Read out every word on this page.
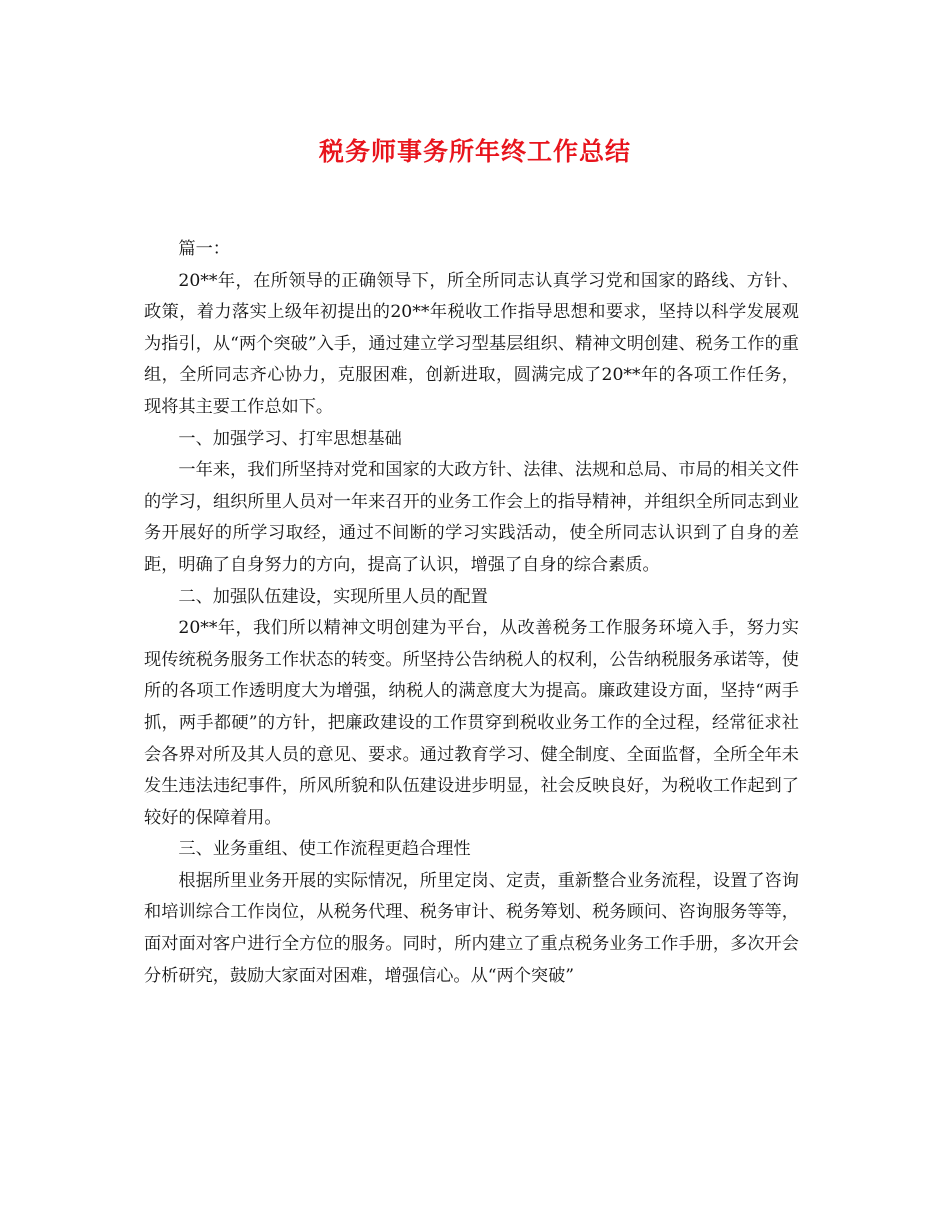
税务师事务所年终工作总结

篇一：

20**年，在所领导的正确领导下，所全所同志认真学习党和国家的路线、方针、政策，着力落实上级年初提出的20**年税收工作指导思想和要求，坚持以科学发展观为指引，从“两个突破”入手，通过建立学习型基层组织、精神文明创建、税务工作的重组，全所同志齐心协力，克服困难，创新进取，圆满完成了20**年的各项工作任务，现将其主要工作总如下。

一、加强学习、打牢思想基础

一年来，我们所坚持对党和国家的大政方针、法律、法规和总局、市局的相关文件的学习，组织所里人员对一年来召开的业务工作会上的指导精神，并组织全所同志到业务开展好的所学习取经，通过不间断的学习实践活动，使全所同志认识到了自身的差距，明确了自身努力的方向，提高了认识，增强了自身的综合素质。

二、加强队伍建设，实现所里人员的配置

20**年，我们所以精神文明创建为平台，从改善税务工作服务环境入手，努力实现传统税务服务工作状态的转变。所坚持公告纳税人的权利，公告纳税服务承诺等，使所的各项工作透明度大为增强，纳税人的满意度大为提高。廉政建设方面，坚持“两手抓，两手都硬”的方针，把廉政建设的工作贯穿到税收业务工作的全过程，经常征求社会各界对所及其人员的意见、要求。通过教育学习、健全制度、全面监督，全所全年未发生违法违纪事件，所风所貌和队伍建设进步明显，社会反映良好，为税收工作起到了较好的保障着用。

三、业务重组、使工作流程更趋合理性

根据所里业务开展的实际情况，所里定岗、定责，重新整合业务流程，设置了咨询和培训综合工作岗位，从税务代理、税务审计、税务筹划、税务顾问、咨询服务等等，面对面对客户进行全方位的服务。同时，所内建立了重点税务业务工作手册，多次开会分析研究，鼓励大家面对困难，增强信心。从“两个突破”
